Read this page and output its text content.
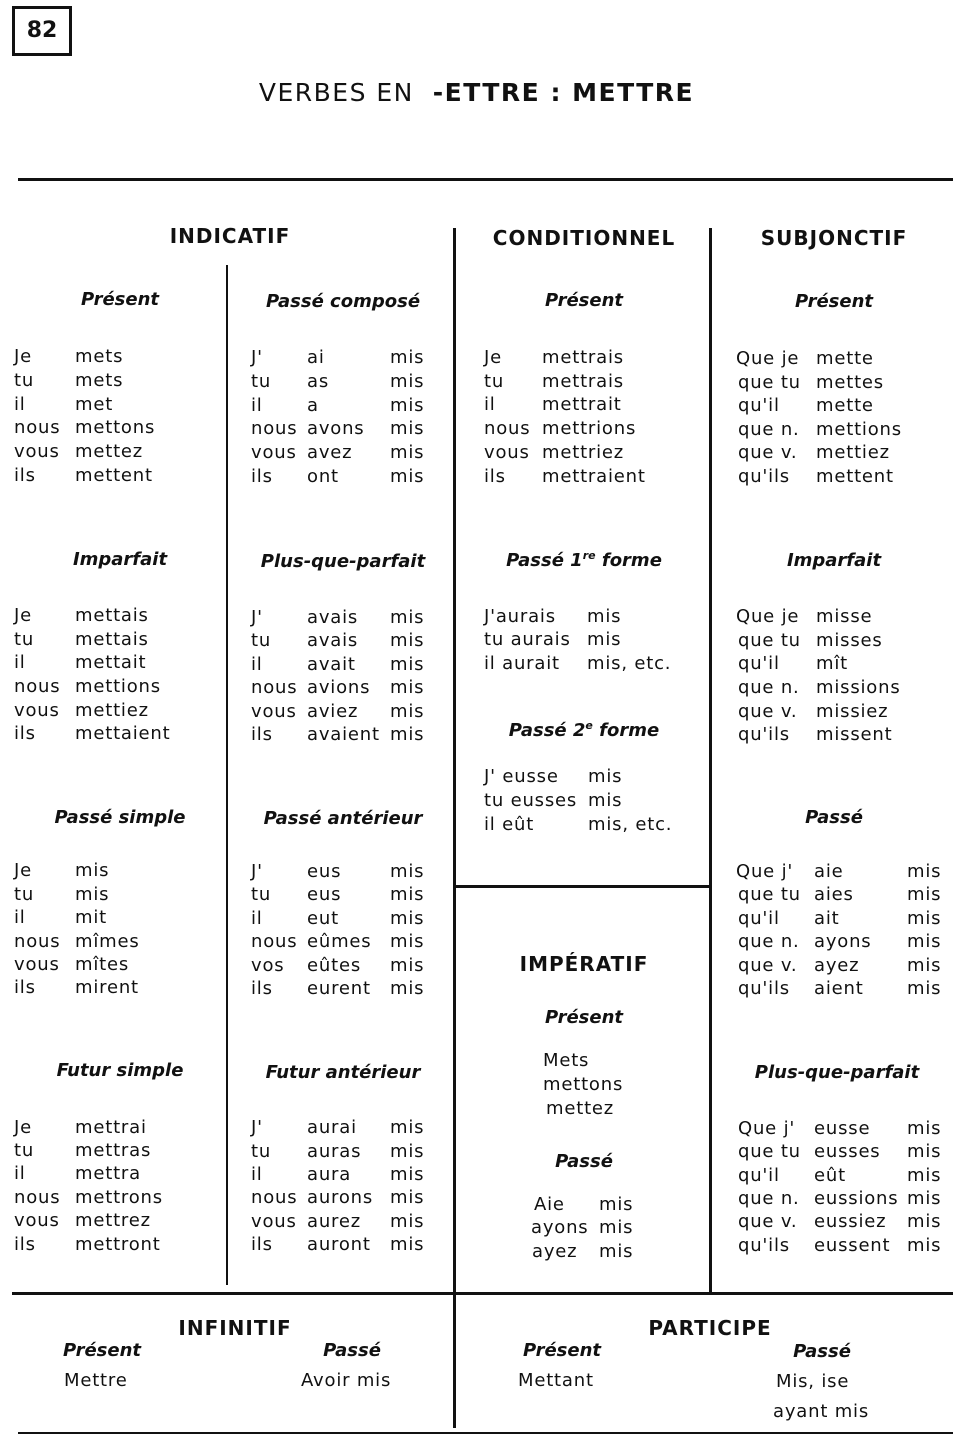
82
VERBES EN -ETTRE : METTRE
INDICATIF	CONDITIONNEL	SUBJONCTIF
IMPÉRATIF
INFINITIF	PARTICIPE
Présent
Je mets
tu mets
il	met
nous mettons
vous mettez
ils mettent
Passé composé
J' ai	mis
tu as	mis
il a	mis
nous avons mis
vous avez mis
ils ont	mis
Imparfait
Je mettais
tu mettais
il	mettait
nous mettions
vous mettiez
ils mettaient
Plus-que-parfait
J' avais mis
tu avais mis
il avait mis
nous avions mis
vous aviez mis
ils avaient mis
Passé simple
Je mis
tu mis
il	mit
nous mîmes
vous mîtes
ils mirent
Passé antérieur
J' eus	mis
tu eus	mis
il eut	mis
nous eûmes mis
vos eûtes mis
ils eurent mis
Futur simple
Je mettrai
tu mettras
il	mettra
nous mettrons
vous mettrez
ils mettront
Futur antérieur
J' aurai mis
tu auras mis
il aura mis
nous aurons mis
vous aurez mis
ils auront mis
Présent
Je mettrais
tu mettrais
il	mettrait
nous mettrions
vous mettriez
ils mettraient
Passé 1re forme
J'aurais mis
tu aurais mis
il aurait mis, etc.
Passé 2e forme
J' eusse mis
tu eusses mis
il eût	mis, etc.
Présent
Mets
mettons
mettez
Passé
Aie mis
ayons mis
ayez mis
Présent
Que je mette
que tu mettes
qu'il mette
que n. mettions
que v. mettiez
qu'ils mettent
Imparfait
Que je misse
que tu misses
qu'il mît
que n. missions
que v. missiez
qu'ils missent
Passé
Que j' aie	mis
que tu aies	mis
qu'il ait	mis
que n. ayons mis
que v. ayez	mis
qu'ils aient mis
Plus-que-parfait
Que j' eusse mis
que tu eusses mis
qu'il eût	mis
que n. eussions mis
que v. eussiez mis
qu'ils eussent mis
Présent
Mettre
Passé
Avoir mis
Présent
Mettant
Passé
Mis, ise
ayant mis
